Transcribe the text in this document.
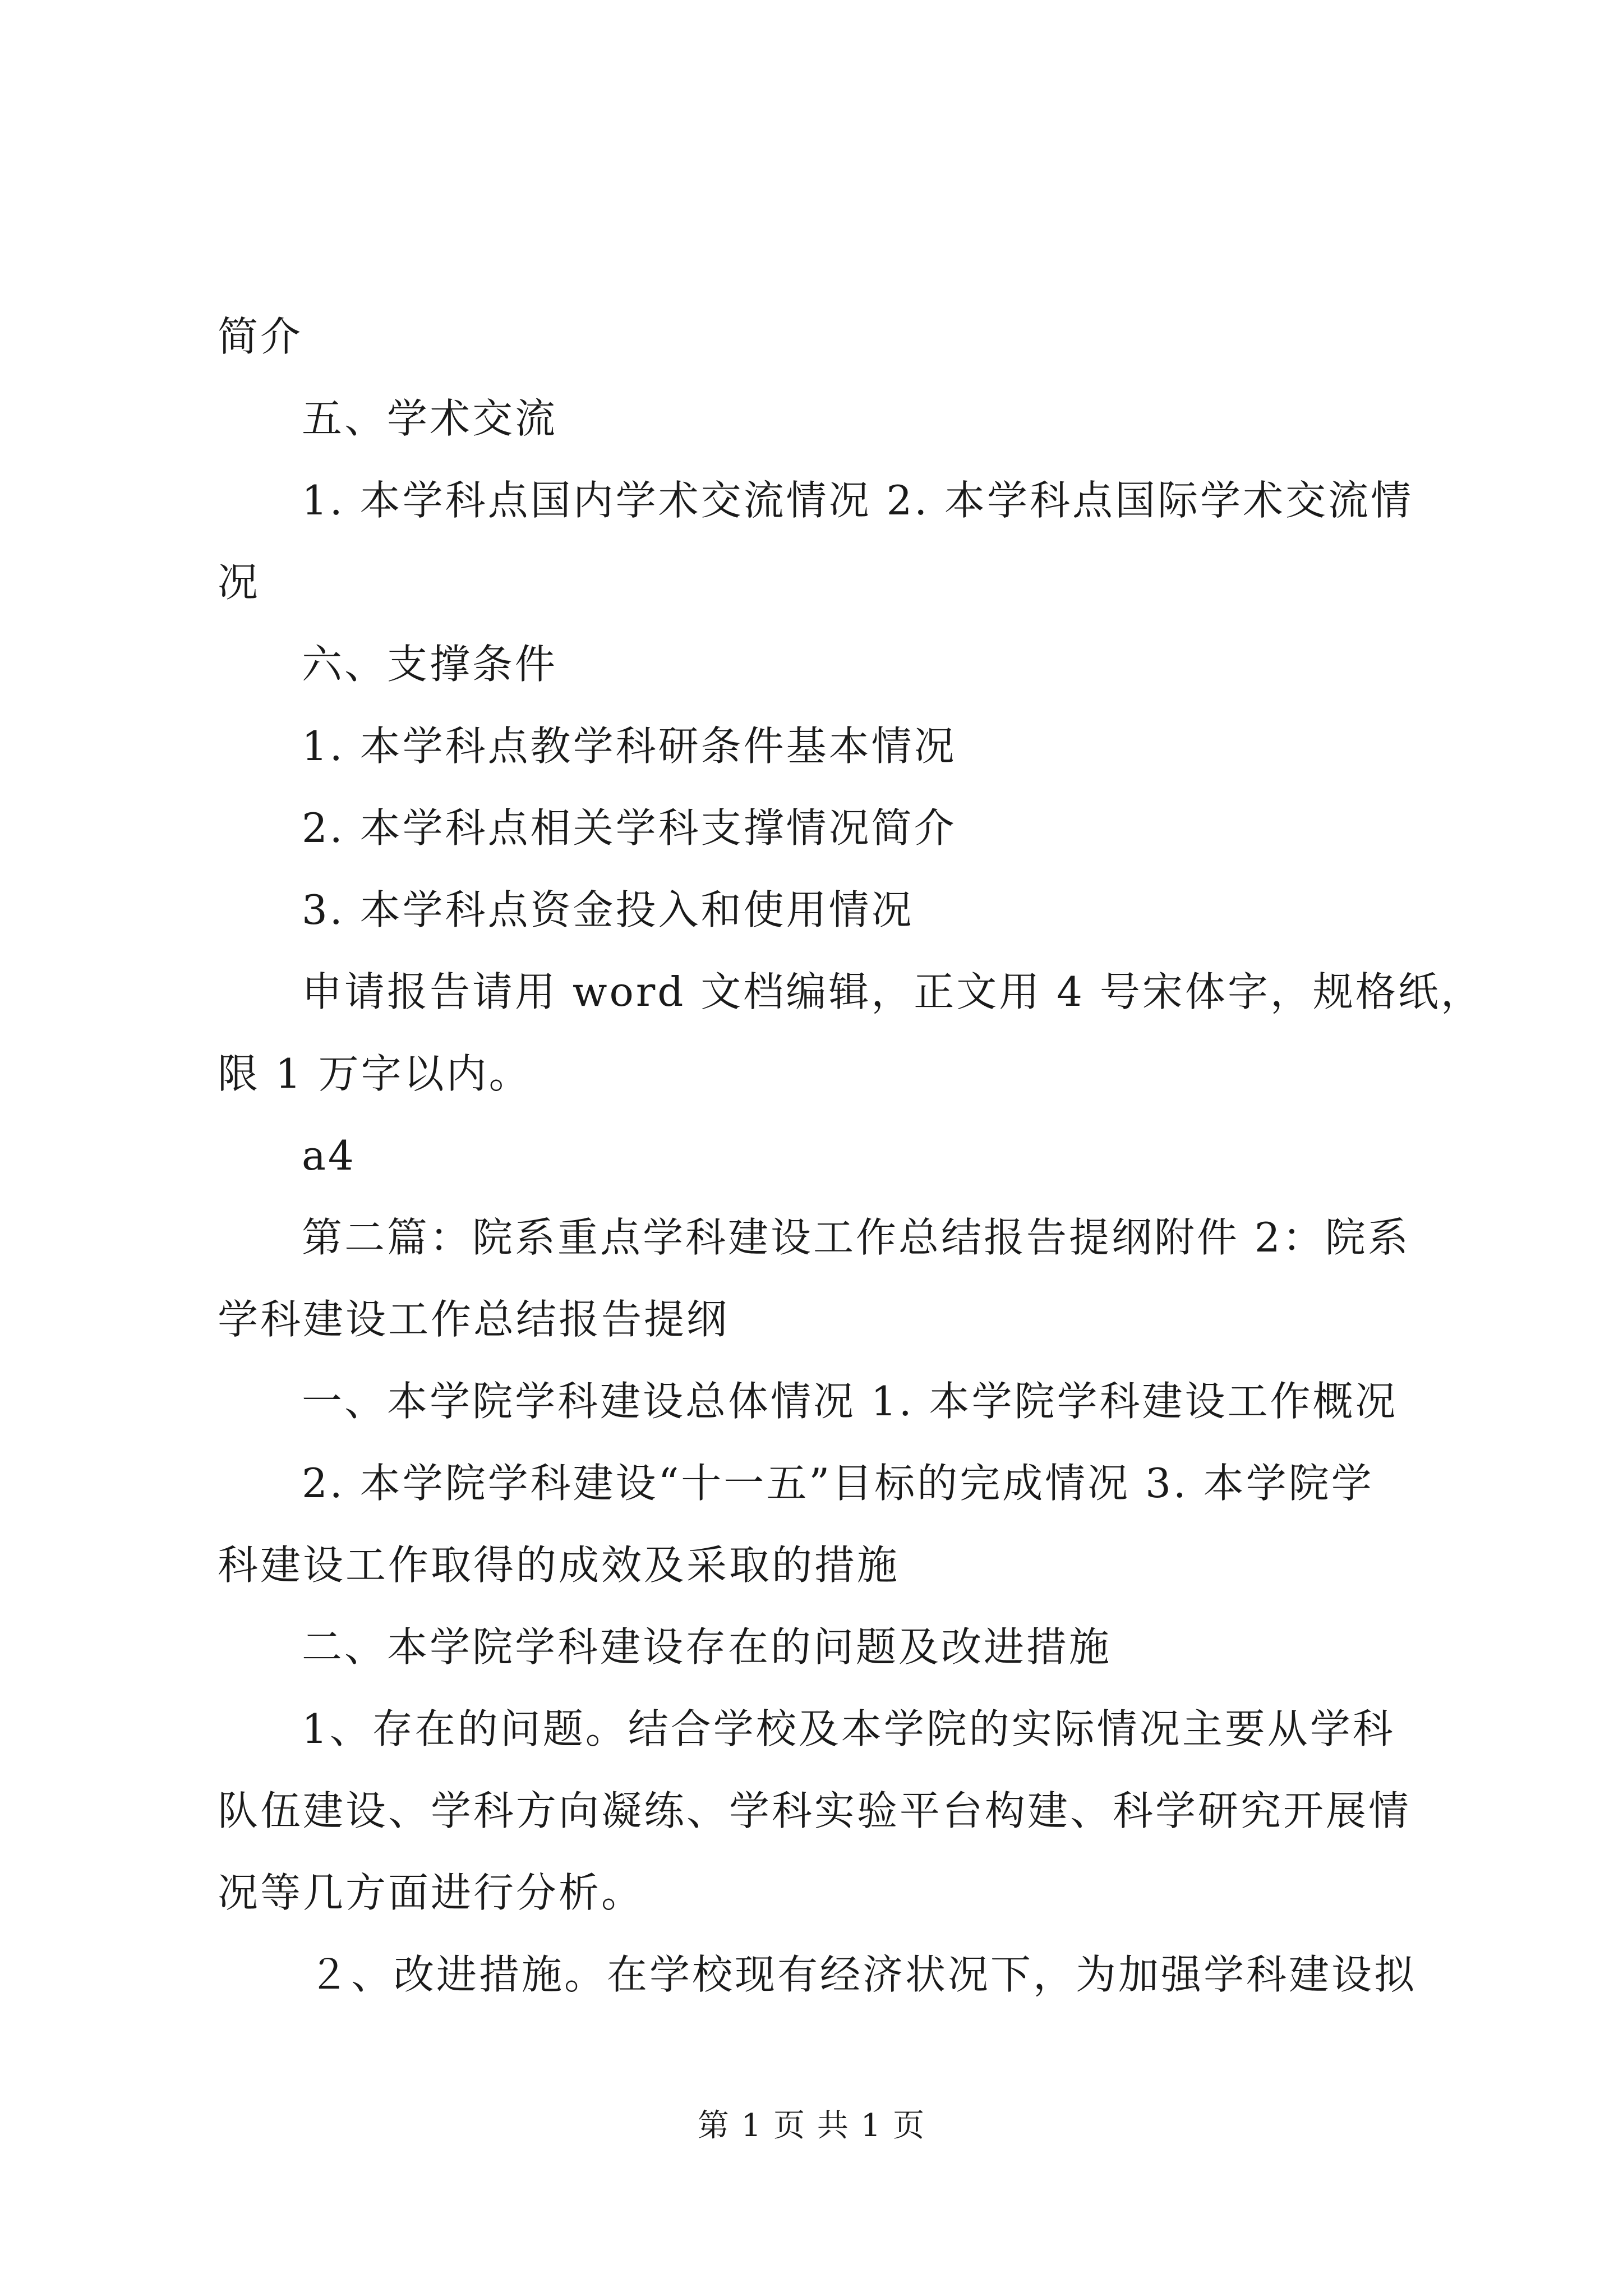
简介
五、学术交流
1. 本学科点国内学术交流情况 2. 本学科点国际学术交流情
况
六、支撑条件
1. 本学科点教学科研条件基本情况
2. 本学科点相关学科支撑情况简介
3. 本学科点资金投入和使用情况
申请报告请用 word 文档编辑，正文用 4 号宋体字，规格纸，
限 1 万字以内。
a4
第二篇：院系重点学科建设工作总结报告提纲附件 2：院系
学科建设工作总结报告提纲
一、本学院学科建设总体情况 1. 本学院学科建设工作概况
2. 本学院学科建设“十一五”目标的完成情况 3. 本学院学
科建设工作取得的成效及采取的措施
二、本学院学科建设存在的问题及改进措施
1、存在的问题。结合学校及本学院的实际情况主要从学科
队伍建设、学科方向凝练、学科实验平台构建、科学研究开展情
况等几方面进行分析。
２、改进措施。在学校现有经济状况下，为加强学科建设拟
第 1 页 共 1 页
